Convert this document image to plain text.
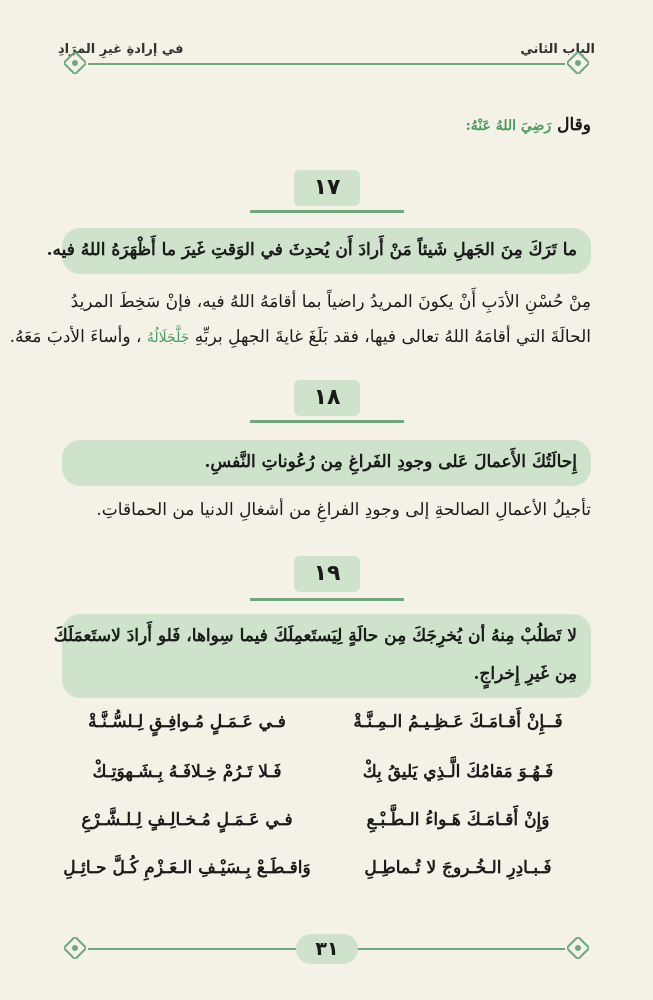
الباب الثاني
في إرادةِ غيرِ المرَادِ
وقال رَضِيَ اللهُ عَنْهُ:
١٧
ما تَرَكَ مِنَ الجَهلِ شَيئاً مَنْ أَرادَ أَن يُحدِثَ في الوَقتِ غَيرَ ما أَظْهَرَهُ اللهُ فيه.
مِنْ حُسْنِ الأدَبِ أَنْ يكونَ المريدُ راضياً بما أقامَهُ اللهُ فيه، فإنْ سَخِطَ المريدُ
الحالَةَ التي أقامَهُ اللهُ تعالى فيها، فقد بَلَغَ غايةَ الجهلِ بربِّهِ جَلَّجَلَالُهُ ، وأساءَ الأدبَ مَعَهُ.
١٨
إِحالَتُكَ الأَعمالَ عَلى وجودِ الفَراغِ مِن رُعُوناتِ النَّفسِ.
تأجيلُ الأعمالِ الصالحةِ إلى وجودِ الفراغِ من أشغالِ الدنيا من الحماقاتِ.
١٩
لا تَطلُبْ مِنهُ أن يُخرِجَكَ مِن حالَةٍ لِيَستَعمِلَكَ فيما سِواها، فَلو أَرادَ لاستَعمَلَكَ
مِن غَيرِ إِخراجٍ.
فَــإِنْ أَقـامَـكَ عَـظِـيـمُ الـمِـنَّـةْ
فـي عَـمَـلٍ مُـوافِـقٍ لِـلسُّـنَّـةْ
فَـهُـوَ مَقامُكَ الَّـذِي يَليقُ بِكْ
فَـلا تَـرُمْ خِـلافَـهُ بِـشَـهوَتِـكْ
وَإِنْ أَقـامَـكَ هَـواءُ الـطَّـبْـعِ
فـي عَـمَـلٍ مُـخـالِـفٍ لِـلـشَّـرْعِ
فَـبـادِرِ الـخُـروجَ لا تُـماطِـلِ
وَاقـطَـعْ بِـسَيْـفِ الـعَـزْمِ كُـلَّ حـائِـلِ
٣١
